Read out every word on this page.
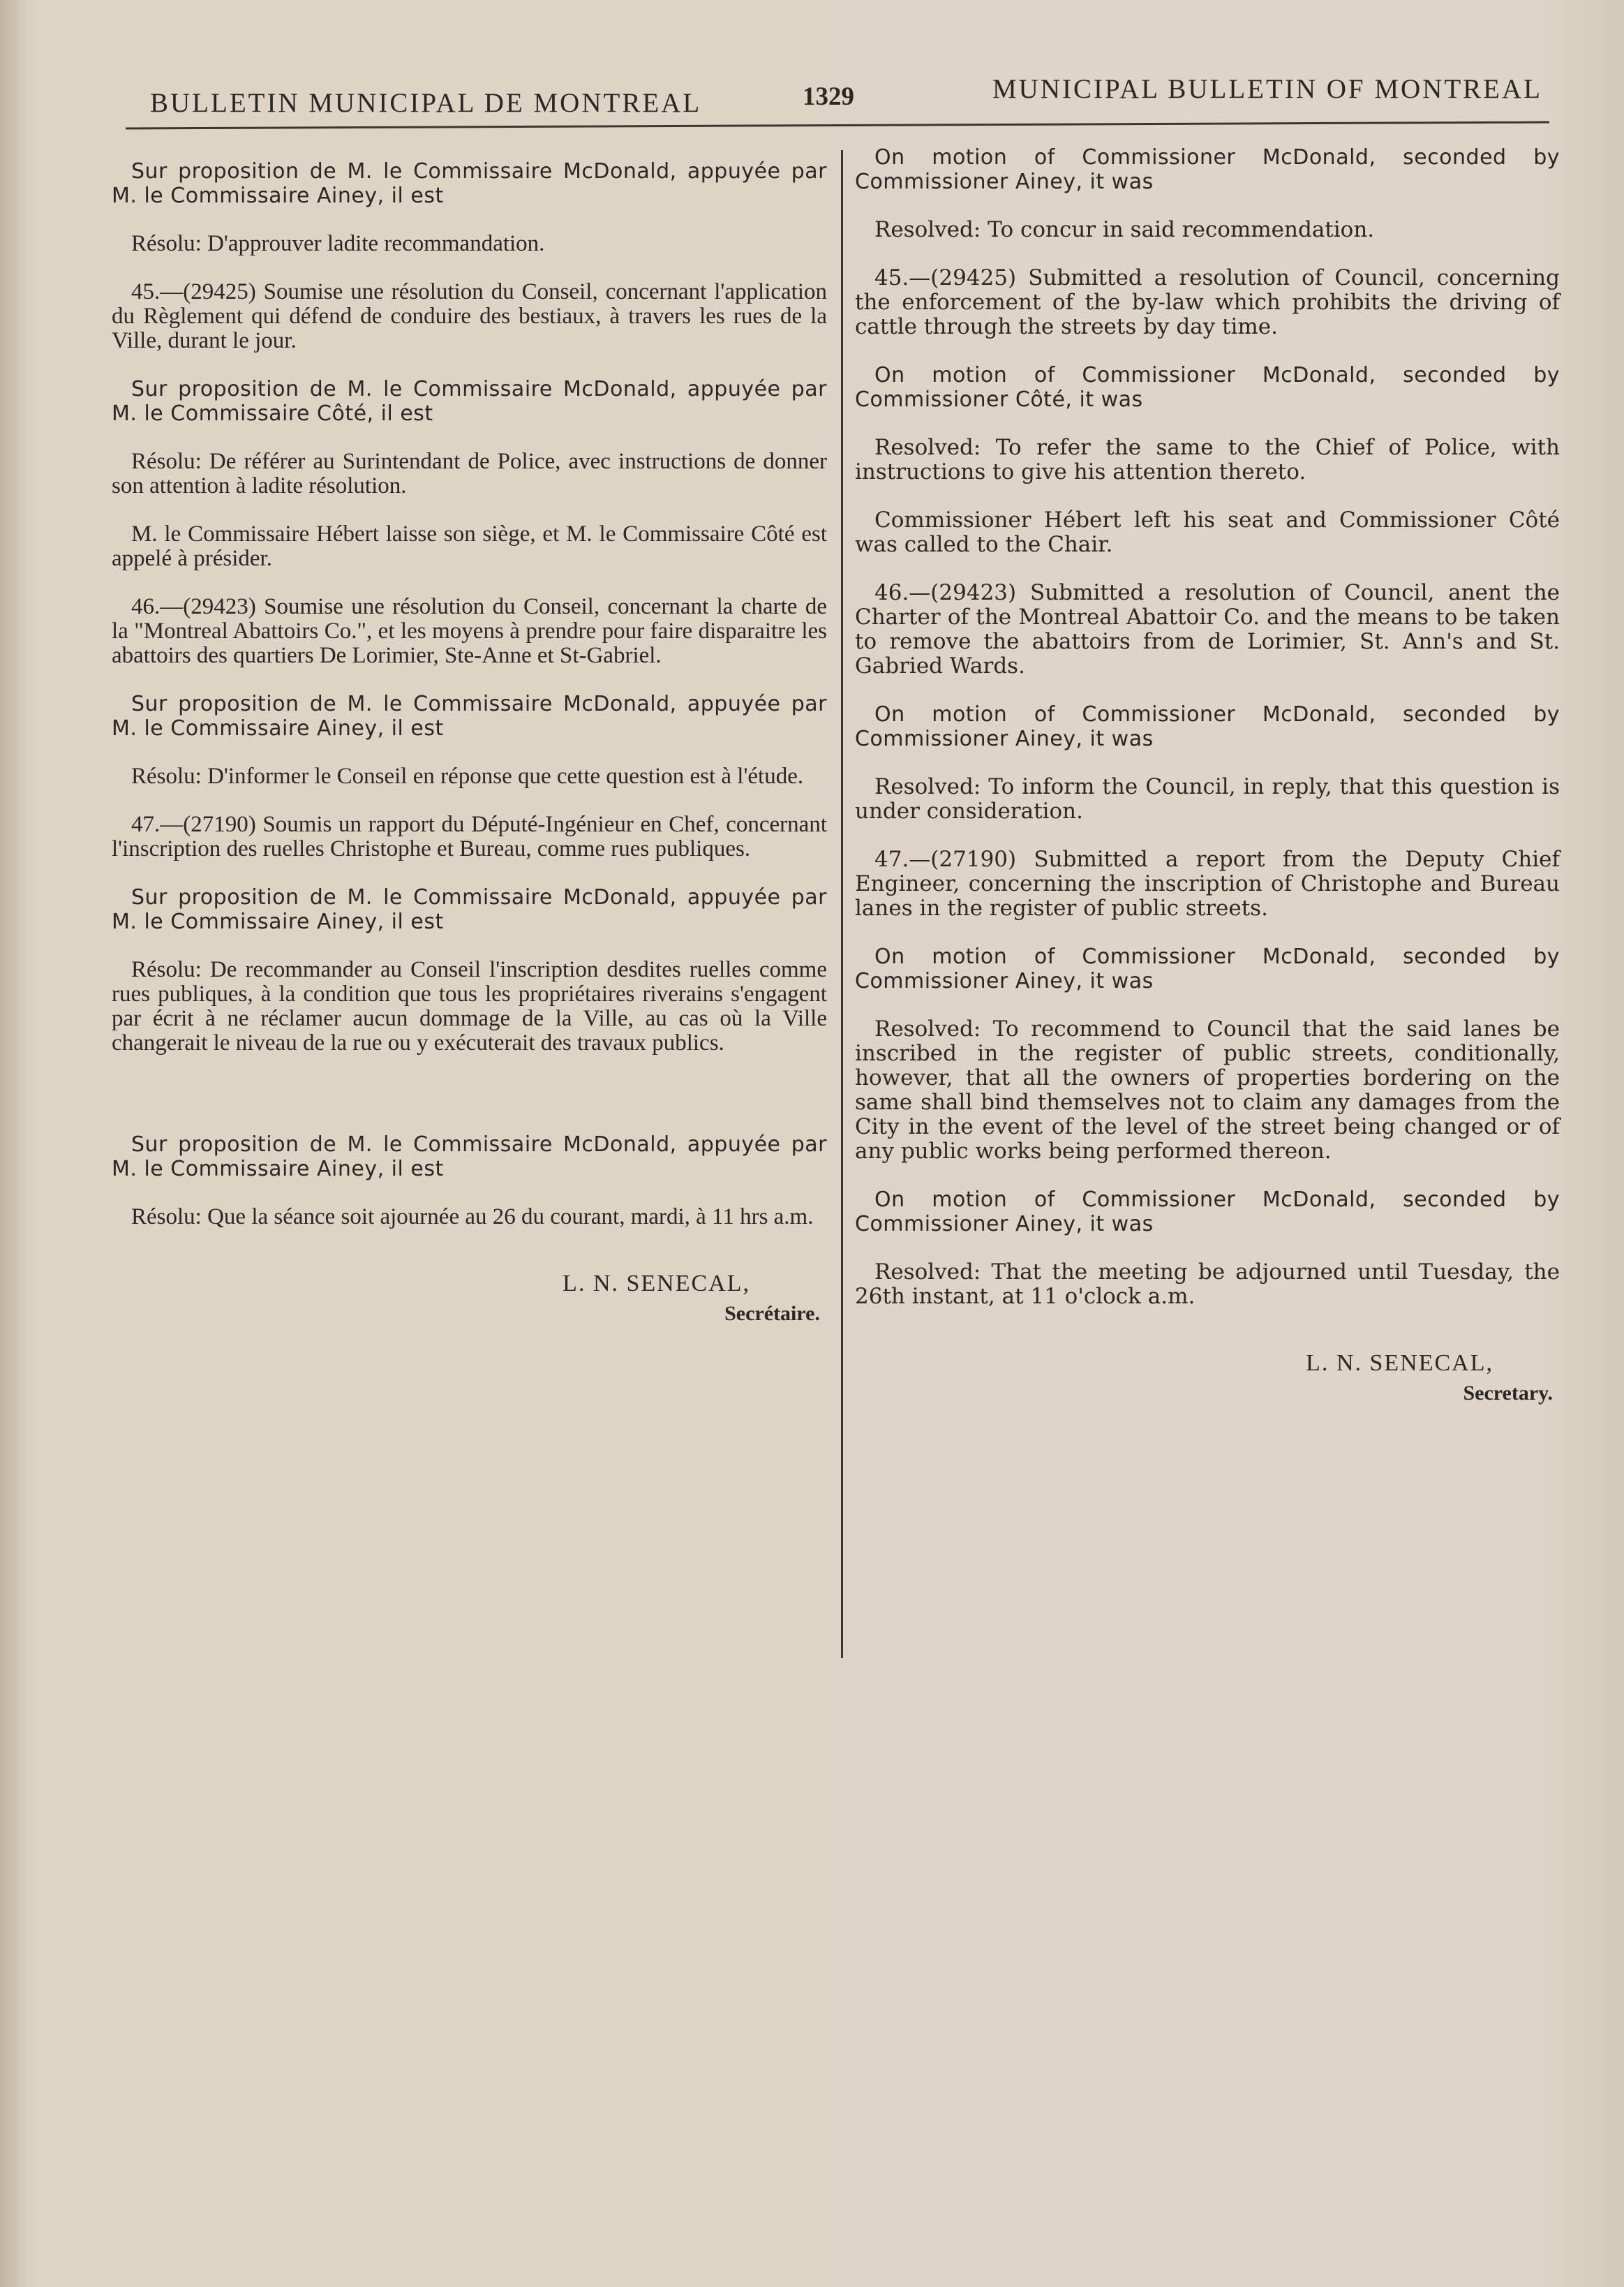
BULLETIN MUNICIPAL DE MONTREAL	1329	MUNICIPAL BULLETIN OF MONTREAL

Sur proposition de M. le Commissaire McDonald, appuyée par M. le Commissaire Ainey, il est

Résolu: D'approuver ladite recommandation.

45.—(29425) Soumise une résolution du Conseil, concernant l'application du Règlement qui défend de conduire des bestiaux, à travers les rues de la Ville, durant le jour.

Sur proposition de M. le Commissaire McDonald, appuyée par M. le Commissaire Côté, il est

Résolu: De référer au Surintendant de Police, avec instructions de donner son attention à ladite résolution.

M. le Commissaire Hébert laisse son siège, et M. le Commissaire Côté est appelé à présider.

46.—(29423) Soumise une résolution du Conseil, concernant la charte de la "Montreal Abattoirs Co.", et les moyens à prendre pour faire disparaitre les abattoirs des quartiers De Lorimier, Ste-Anne et St-Gabriel.

Sur proposition de M. le Commissaire McDonald, appuyée par M. le Commissaire Ainey, il est

Résolu: D'informer le Conseil en réponse que cette question est à l'étude.

47.—(27190) Soumis un rapport du Député-Ingénieur en Chef, concernant l'inscription des ruelles Christophe et Bureau, comme rues publiques.

Sur proposition de M. le Commissaire McDonald, appuyée par M. le Commissaire Ainey, il est

Résolu: De recommander au Conseil l'inscription desdites ruelles comme rues publiques, à la condition que tous les propriétaires riverains s'engagent par écrit à ne réclamer aucun dommage de la Ville, au cas où la Ville changerait le niveau de la rue ou y exécuterait des travaux publics.

Sur proposition de M. le Commissaire McDonald, appuyée par M. le Commissaire Ainey, il est

Résolu: Que la séance soit ajournée au 26 du courant, mardi, à 11 hrs a.m.

L. N. SENECAL,
Secrétaire.

On motion of Commissioner McDonald, seconded by Commissioner Ainey, it was

Resolved: To concur in said recommendation.

45.—(29425) Submitted a resolution of Council, concerning the enforcement of the by-law which prohibits the driving of cattle through the streets by day time.

On motion of Commissioner McDonald, seconded by Commissioner Côté, it was

Resolved: To refer the same to the Chief of Police, with instructions to give his attention thereto.

Commissioner Hébert left his seat and Commissioner Côté was called to the Chair.

46.—(29423) Submitted a resolution of Council, anent the Charter of the Montreal Abattoir Co. and the means to be taken to remove the abattoirs from de Lorimier, St. Ann's and St. Gabried Wards.

On motion of Commissioner McDonald, seconded by Commissioner Ainey, it was

Resolved: To inform the Council, in reply, that this question is under consideration.

47.—(27190) Submitted a report from the Deputy Chief Engineer, concerning the inscription of Christophe and Bureau lanes in the register of public streets.

On motion of Commissioner McDonald, seconded by Commissioner Ainey, it was

Resolved: To recommend to Council that the said lanes be inscribed in the register of public streets, conditionally, however, that all the owners of properties bordering on the same shall bind themselves not to claim any damages from the City in the event of the level of the street being changed or of any public works being performed thereon.

On motion of Commissioner McDonald, seconded by Commissioner Ainey, it was

Resolved: That the meeting be adjourned until Tuesday, the 26th instant, at 11 o'clock a.m.

L. N. SENECAL,
Secretary.
